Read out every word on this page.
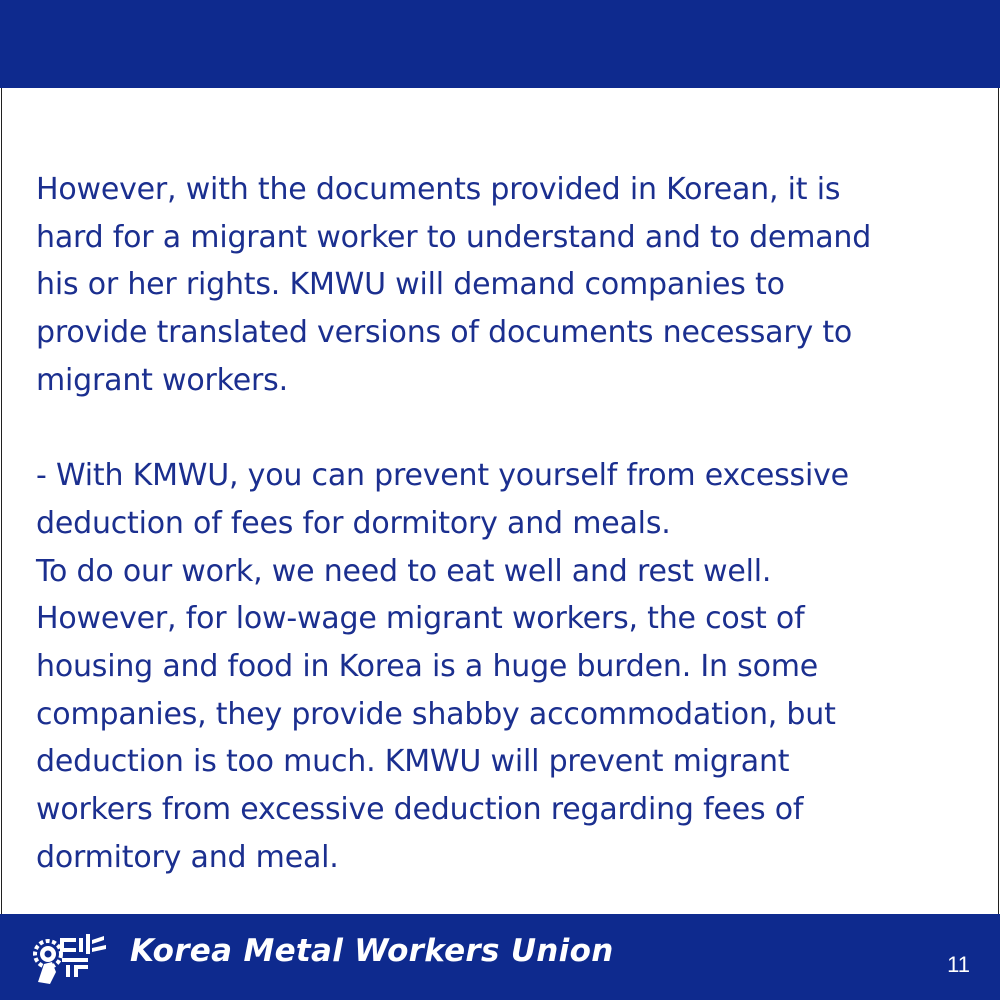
However, with the documents provided in Korean, it is
hard for a migrant worker to understand and to demand
his or her rights. KMWU will demand companies to
provide translated versions of documents necessary to
migrant workers.

- With KMWU, you can prevent yourself from excessive
deduction of fees for dormitory and meals.
To do our work, we need to eat well and rest well.
However, for low-wage migrant workers, the cost of
housing and food in Korea is a huge burden. In some
companies, they provide shabby accommodation, but
deduction is too much. KMWU will prevent migrant
workers from excessive deduction regarding fees of
dormitory and meal.

Korea Metal Workers Union	11
